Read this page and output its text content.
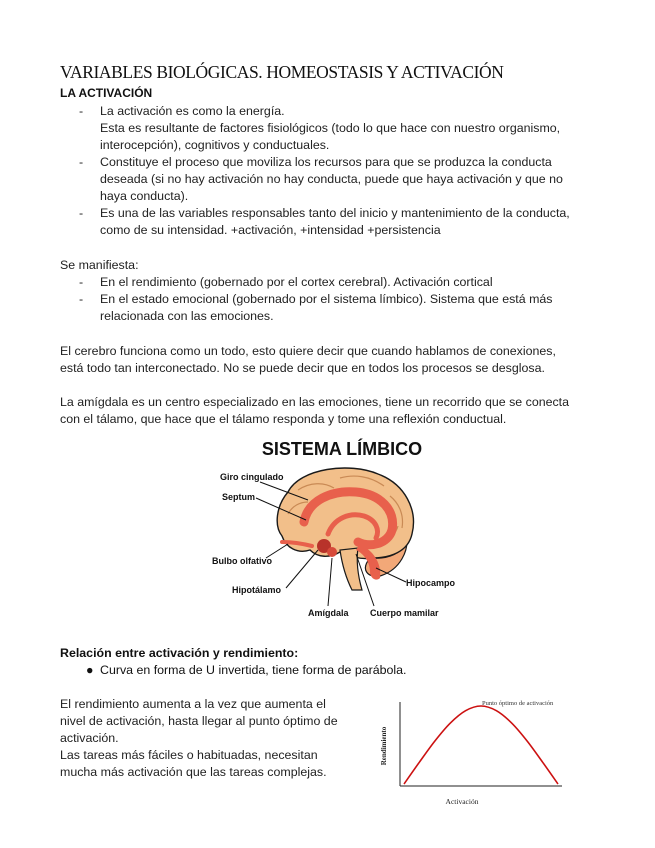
VARIABLES BIOLÓGICAS. HOMEOSTASIS Y ACTIVACIÓN
LA ACTIVACIÓN
- La activación es como la energía.
Esta es resultante de factores fisiológicos (todo lo que hace con nuestro organismo,
interocepción), cognitivos y conductuales.
- Constituye el proceso que moviliza los recursos para que se produzca la conducta
deseada (si no hay activación no hay conducta, puede que haya activación y que no
haya conducta).
- Es una de las variables responsables tanto del inicio y mantenimiento de la conducta,
como de su intensidad. +activación, +intensidad +persistencia
Se manifiesta:
- En el rendimiento (gobernado por el cortex cerebral). Activación cortical
- En el estado emocional (gobernado por el sistema límbico). Sistema que está más
relacionada con las emociones.
El cerebro funciona como un todo, esto quiere decir que cuando hablamos de conexiones,
está todo tan interconectado. No se puede decir que en todos los procesos se desglosa.
La amígdala es un centro especializado en las emociones, tiene un recorrido que se conecta
con el tálamo, que hace que el tálamo responda y tome una reflexión conductual.
SISTEMA LÍMBICO
Giro cingulado
Septum
Bulbo olfativo
Hipotálamo
Amígdala Cuerpo mamilar
Hipocampo
Relación entre activación y rendimiento:
● Curva en forma de U invertida, tiene forma de parábola.
El rendimiento aumenta a la vez que aumenta el
nivel de activación, hasta llegar al punto óptimo de
activación.
Las tareas más fáciles o habituadas, necesitan
mucha más activación que las tareas complejas.
Punto óptimo de activación
Activación
Rendimiento
